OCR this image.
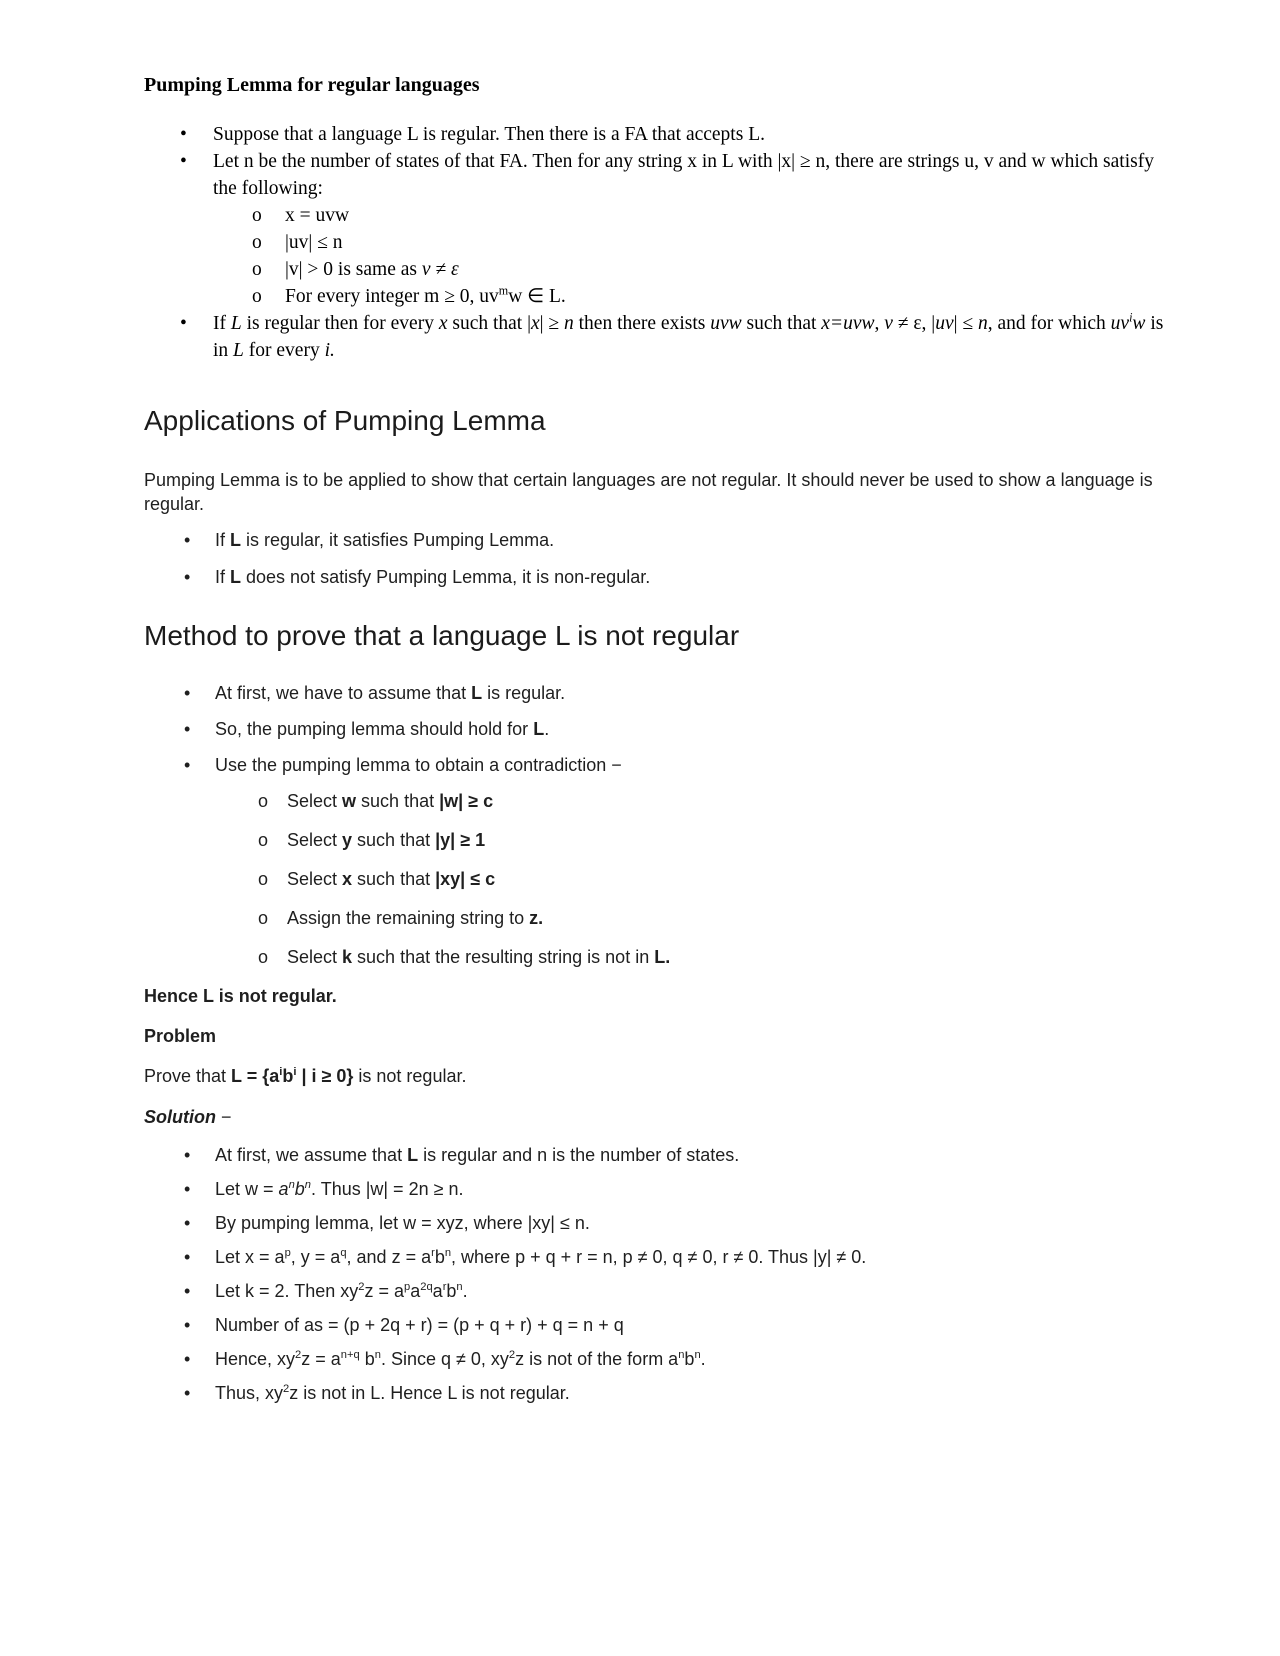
Pumping Lemma for regular languages
•	Suppose that a language L is regular. Then there is a FA that accepts L.
•	Let n be the number of states of that FA. Then for any string x in L with |x| ≥ n, there are strings u, v and w which satisfy the following:
o	x = uvw
o	|uv| ≤ n
o	|v| > 0 is same as v ≠ ε
o	For every integer m ≥ 0, $uv^mw$ ∈ L.
•	If L is regular then for every x such that |x| ≥ n then there exists uvw such that x=uvw, v ≠ ε, |uv| ≤ n, and for which $uv^iw$ is in L for every i.
Applications of Pumping Lemma

Pumping Lemma is to be applied to show that certain languages are not regular. It should never be used to show a language is regular.

•	If L is regular, it satisfies Pumping Lemma.
•	If L does not satisfy Pumping Lemma, it is non-regular.
Method to prove that a language L is not regular
•	At first, we have to assume that L is regular.
•	So, the pumping lemma should hold for L.
•	Use the pumping lemma to obtain a contradiction −
o	Select w such that |w| ≥ c
o	Select y such that |y| ≥ 1
o	Select x such that |xy| ≤ c
o	Assign the remaining string to z.
o	Select k such that the resulting string is not in L.

Hence L is not regular.

Problem

Prove that $L = \{a^ib^i$ | i ≥ 0} is not regular.

Solution −

•	At first, we assume that L is regular and n is the number of states.
•	Let $w = a^nb^n$. Thus |w| = 2n ≥ n.
•	By pumping lemma, let w = xyz, where |xy| ≤ n.
•	Let $x = a^p$, $y = a^q$, and $z = a^rb^n$, where p + q + r = n, p ≠ 0, q ≠ 0, r ≠ 0. Thus |y| ≠ 0.
•	Let k = 2. Then $xy^2z = a^pa^{2q}a^rb^n$.
•	Number of as = (p + 2q + r) = (p + q + r) + q = n + q
•	Hence, $xy^2z = a^{n+q}$ $b^n$. Since q ≠ 0, $xy^2z$ is not of the form $a^nb^n$.
•	Thus, $xy^2z$ is not in L. Hence L is not regular.
